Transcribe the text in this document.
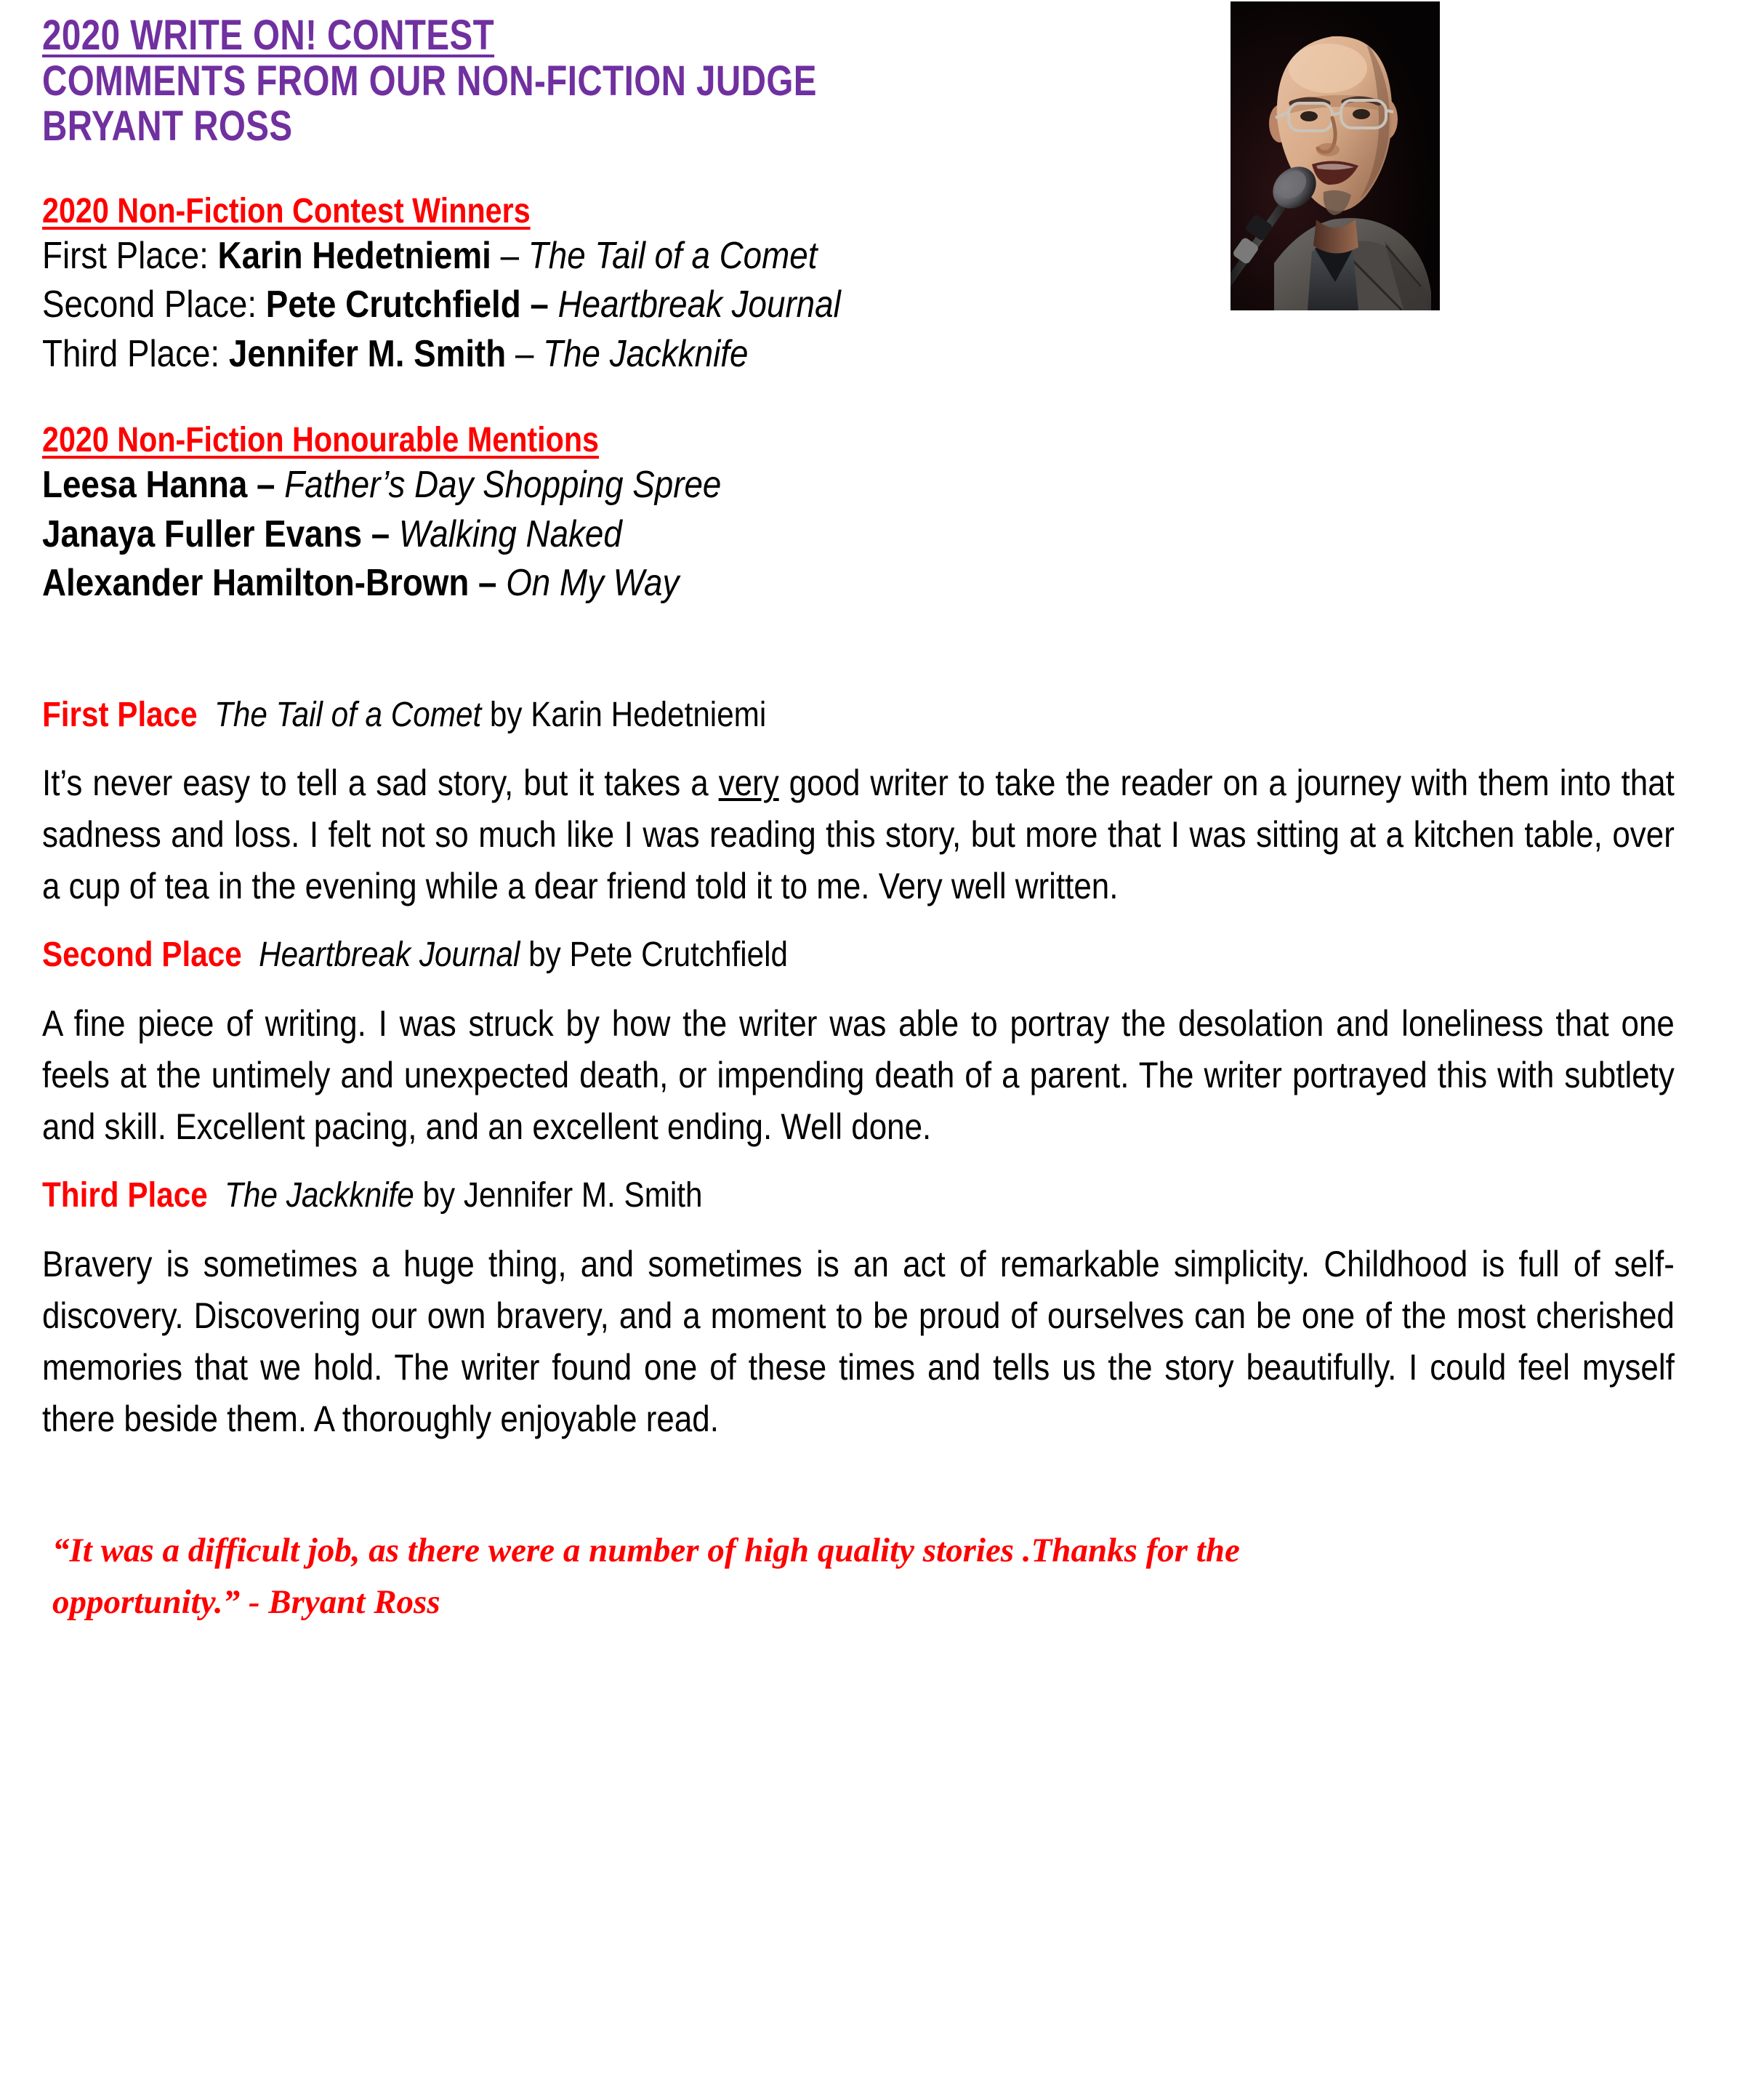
2020 WRITE ON! CONTEST
COMMENTS FROM OUR NON-FICTION JUDGE
BRYANT ROSS
2020 Non-Fiction Contest Winners
First Place: Karin Hedetniemi – The Tail of a Comet
Second Place: Pete Crutchfield – Heartbreak Journal
Third Place: Jennifer M. Smith – The Jackknife
2020 Non-Fiction Honourable Mentions
Leesa Hanna – Father’s Day Shopping Spree
Janaya Fuller Evans – Walking Naked
Alexander Hamilton-Brown – On My Way
First Place The Tail of a Comet by Karin Hedetniemi

It’s never easy to tell a sad story, but it takes a very good writer to take the reader on a journey with them into that sadness and loss. I felt not so much like I was reading this story, but more that I was sitting at a kitchen table, over a cup of tea in the evening while a dear friend told it to me. Very well written.

Second Place Heartbreak Journal by Pete Crutchfield

A fine piece of writing. I was struck by how the writer was able to portray the desolation and loneliness that one feels at the untimely and unexpected death, or impending death of a parent. The writer portrayed this with subtlety and skill. Excellent pacing, and an excellent ending. Well done.

Third Place The Jackknife by Jennifer M. Smith

Bravery is sometimes a huge thing, and sometimes is an act of remarkable simplicity. Childhood is full of self-discovery. Discovering our own bravery, and a moment to be proud of ourselves can be one of the most cherished memories that we hold. The writer found one of these times and tells us the story beautifully. I could feel myself there beside them. A thoroughly enjoyable read.

“It was a difficult job, as there were a number of high quality stories .Thanks for the
opportunity.” - Bryant Ross
